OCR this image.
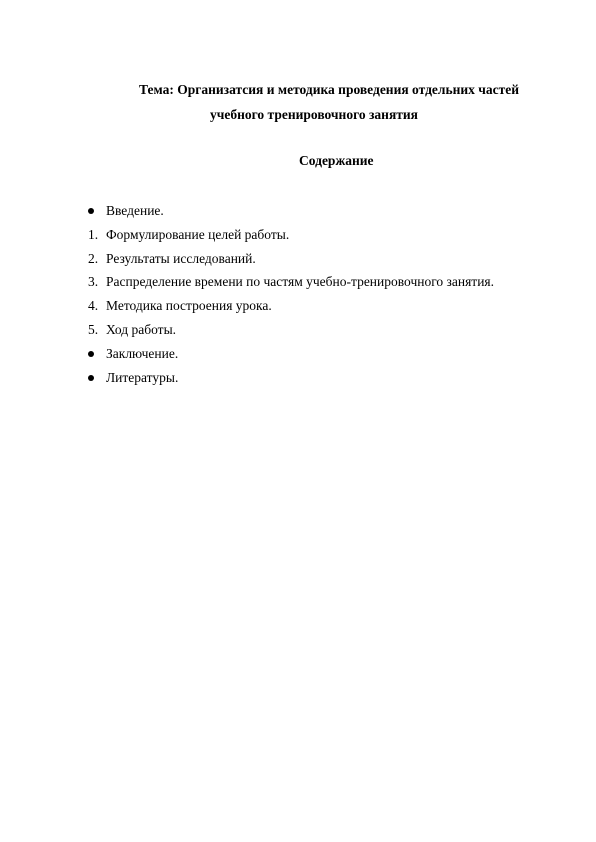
Тема: Организатсия и методика проведения отдельних частей
учебного тренировочного занятия
Содержание
Введение.
1. Формулирование целей работы.
2. Результаты исследований.
3. Распределение времени по частям учебно-тренировочного занятия.
4. Методика построения урока.
5. Ход работы.
Заключение.
Литературы.
